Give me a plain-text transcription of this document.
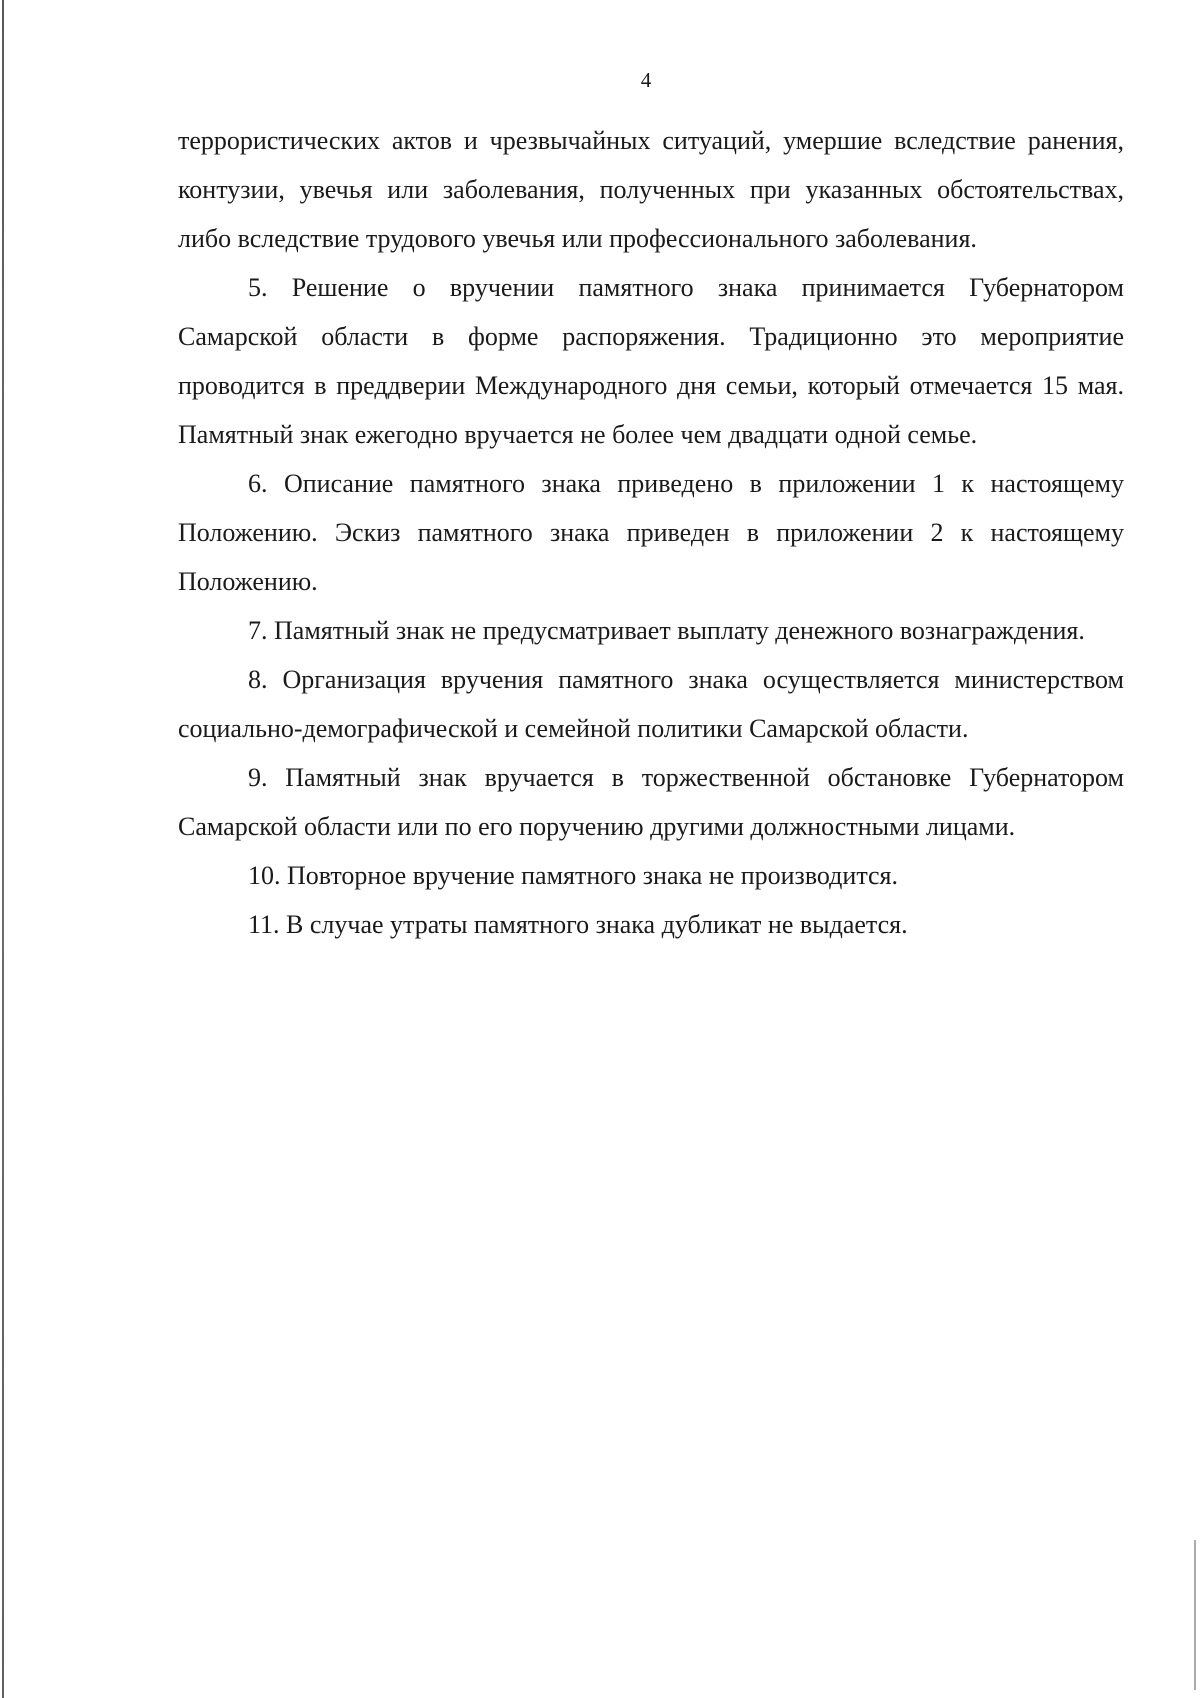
4

террористических актов и чрезвычайных ситуаций, умершие вследствие ранения, контузии, увечья или заболевания, полученных при указанных обстоятельствах, либо вследствие трудового увечья или профессионального заболевания.

5. Решение о вручении памятного знака принимается Губернатором Самарской области в форме распоряжения. Традиционно это мероприятие проводится в преддверии Международного дня семьи, который отмечается 15 мая. Памятный знак ежегодно вручается не более чем двадцати одной семье.

6. Описание памятного знака приведено в приложении 1 к настоящему Положению. Эскиз памятного знака приведен в приложении 2 к настоящему Положению.

7. Памятный знак не предусматривает выплату денежного вознаграждения.

8. Организация вручения памятного знака осуществляется министерством социально-демографической и семейной политики Самарской области.

9. Памятный знак вручается в торжественной обстановке Губернатором Самарской области или по его поручению другими должностными лицами.

10. Повторное вручение памятного знака не производится.

11. В случае утраты памятного знака дубликат не выдается.
